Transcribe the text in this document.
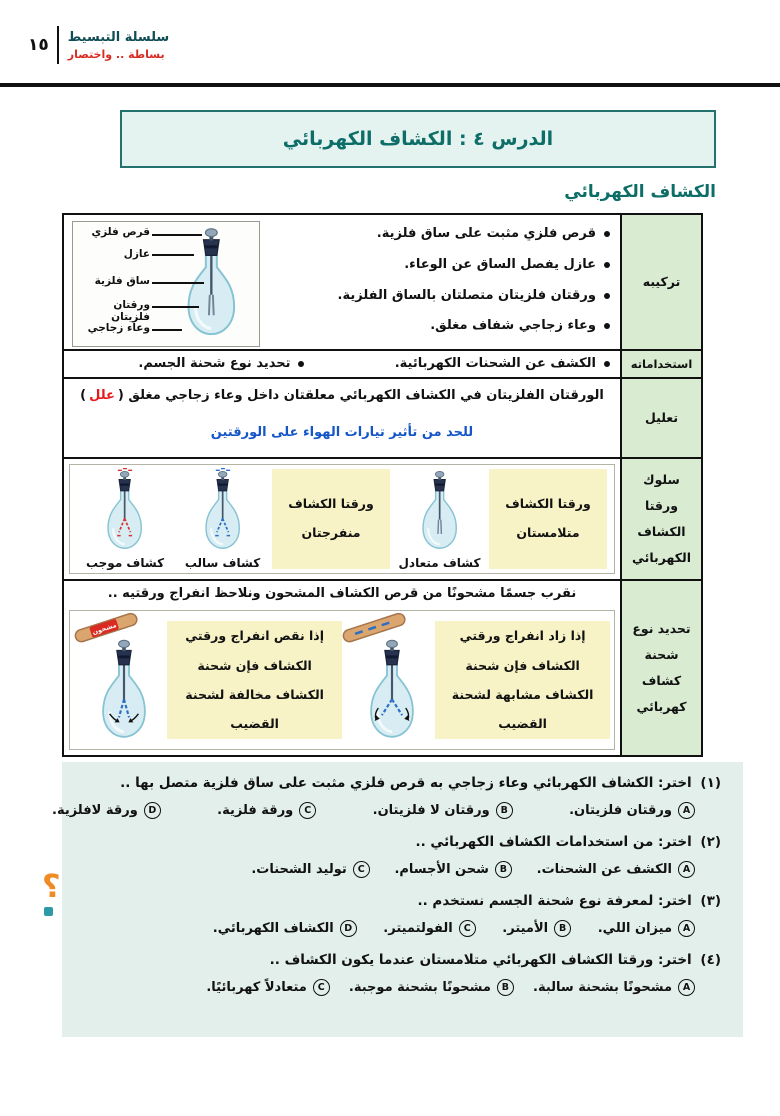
١٥ سلسلة التبسيط
بساطة .. واختصار
الدرس ٤ : الكشاف الكهربائي
الكشاف الكهربائي
تركيبه
قرص فلزي مثبت على ساق فلزية.
عازل يفصل الساق عن الوعاء.
ورقتان فلزيتان متصلتان بالساق الفلزية.
وعاء زجاجي شفاف مغلق.
قرص فلزي
عازل
ساق فلزية
ورقتان فلزيتان
وعاء زجاجي
استخداماته
الكشف عن الشحنات الكهربائية.
تحديد نوع شحنة الجسم.
تعليل
الورقتان الفلزيتان في الكشاف الكهربائي معلقتان داخل وعاء زجاجي مغلق (علل)
للحد من تأثير تيارات الهواء على الورقتين
سلوك ورقتا الكشاف الكهربائي
ورقتا الكشاف متلامستان
كشاف متعادل
ورقتا الكشاف منفرجتان
كشاف سالب
كشاف موجب
تحديد نوع شحنة كشاف كهربائي
نقرب جسمًا مشحونًا من قرص الكشاف المشحون ونلاحظ انفراج ورقتيه ..
إذا زاد انفراج ورقتي الكشاف فإن شحنة الكشاف مشابهة لشحنة القضيب
إذا نقص انفراج ورقتي الكشاف فإن شحنة الكشاف مخالفة لشحنة القضيب
مشحون
(١) اختر: الكشاف الكهربائي وعاء زجاجي به قرص فلزي مثبت على ساق فلزية متصل بها ..
A
ورقتان فلزيتان.
B
ورقتان لا فلزيتان.
C
ورقة فلزية.
D
ورقة لافلزية.
(٢) اختر: من استخدامات الكشاف الكهربائي ..
A
الكشف عن الشحنات.
B
شحن الأجسام.
C
توليد الشحنات.
(٣) اختر: لمعرفة نوع شحنة الجسم نستخدم ..
A
ميزان اللي.
B
الأميتر.
C
الفولتميتر.
D
الكشاف الكهربائي.
(٤) اختر: ورقتا الكشاف الكهربائي متلامستان عندما يكون الكشاف ..
A
مشحونًا بشحنة سالبة.
B
مشحونًا بشحنة موجبة.
C
متعادلاً كهربائيًا.
؟
